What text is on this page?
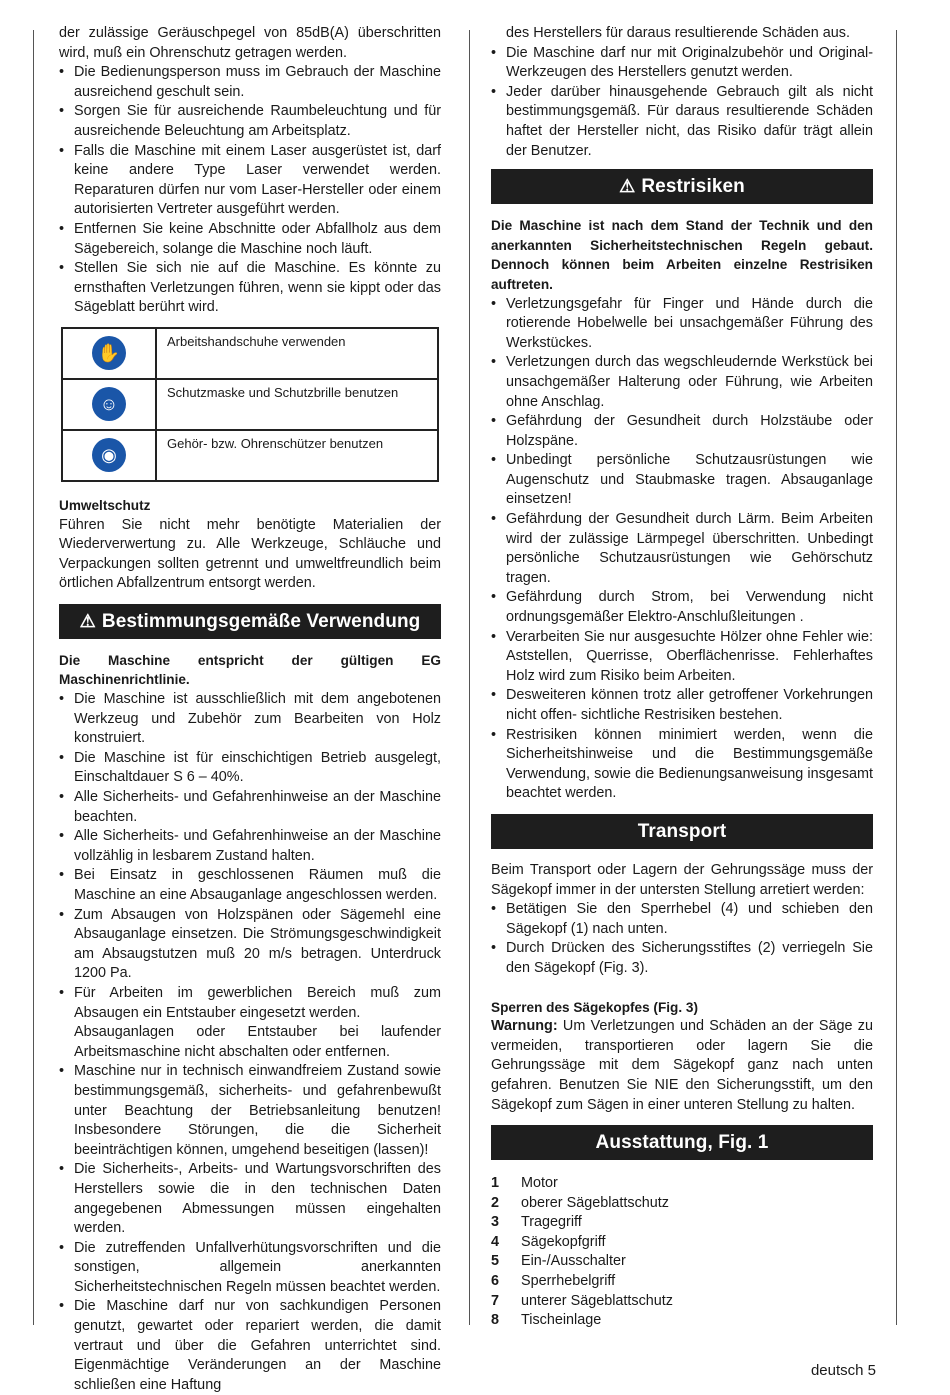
der zulässige Geräuschpegel von 85dB(A) überschritten wird, muß ein Ohrenschutz getragen werden.

• Die Bedienungsperson muss im Gebrauch der Maschine ausreichend geschult sein.
• Sorgen Sie für ausreichende Raumbeleuchtung und für ausreichende Beleuchtung am Arbeitsplatz.
• Falls die Maschine mit einem Laser ausgerüstet ist, darf keine andere Type Laser verwendet werden. Reparaturen dürfen nur vom Laser-Hersteller oder einem autorisierten Vertreter ausgeführt werden.
• Entfernen Sie keine Abschnitte oder Abfallholz aus dem Sägebereich, solange die Maschine noch läuft.
• Stellen Sie sich nie auf die Maschine. Es könnte zu ernsthaften Verletzungen führen, wenn sie kippt oder das Sägeblatt berührt wird.
✋	Arbeitshandschuhe verwenden
☺	Schutzmaske und Schutzbrille benutzen
◉	Gehör- bzw. Ohrenschützer benutzen

Umweltschutz

Führen Sie nicht mehr benötigte Materialien der Wiederverwertung zu. Alle Werkzeuge, Schläuche und Verpackungen sollten getrennt und umweltfreundlich beim örtlichen Abfallzentrum entsorgt werden.

⚠ Bestimmungsgemäße Verwendung

Die Maschine entspricht der gültigen EG Maschinenrichtlinie.

• Die Maschine ist ausschließlich mit dem angebotenen Werkzeug und Zubehör zum Bearbeiten von Holz konstruiert.
• Die Maschine ist für einschichtigen Betrieb ausgelegt, Einschaltdauer S 6 – 40%.
• Alle Sicherheits- und Gefahrenhinweise an der Maschine beachten.
• Alle Sicherheits- und Gefahrenhinweise an der Maschine vollzählig in lesbarem Zustand halten.
• Bei Einsatz in geschlossenen Räumen muß die Maschine an eine Absauganlage angeschlossen werden.
• Zum Absaugen von Holzspänen oder Sägemehl eine Absauganlage einsetzen. Die Strömungsgeschwindigkeit am Absaugstutzen muß 20 m/s betragen. Unterdruck 1200 Pa.
• Für Arbeiten im gewerblichen Bereich muß zum Absaugen ein Entstauber eingesetzt werden.
Absauganlagen oder Entstauber bei laufender Arbeitsmaschine nicht abschalten oder entfernen.
• Maschine nur in technisch einwandfreiem Zustand sowie bestimmungsgemäß, sicherheits- und gefahrenbewußt unter Beachtung der Betriebsanleitung benutzen! Insbesondere Störungen, die die Sicherheit beeinträchtigen können, umgehend beseitigen (lassen)!
• Die Sicherheits-, Arbeits- und Wartungsvorschriften des Herstellers sowie die in den technischen Daten angegebenen Abmessungen müssen eingehalten werden.
• Die zutreffenden Unfallverhütungsvorschriften und die sonstigen, allgemein anerkannten Sicherheitstechnischen Regeln müssen beachtet werden.
• Die Maschine darf nur von sachkundigen Personen genutzt, gewartet oder repariert werden, die damit vertraut und über die Gefahren unterrichtet sind. Eigenmächtige Veränderungen an der Maschine schließen eine Haftung

des Herstellers für daraus resultierende Schäden aus.

• Die Maschine darf nur mit Originalzubehör und Original-Werkzeugen des Herstellers genutzt werden.
• Jeder darüber hinausgehende Gebrauch gilt als nicht bestimmungsgemäß. Für daraus resultierende Schäden haftet der Hersteller nicht, das Risiko dafür trägt allein der Benutzer.
⚠ Restrisiken

Die Maschine ist nach dem Stand der Technik und den anerkannten Sicherheitstechnischen Regeln gebaut. Dennoch können beim Arbeiten einzelne Restrisiken auftreten.

• Verletzungsgefahr für Finger und Hände durch die rotierende Hobelwelle bei unsachgemäßer Führung des Werkstückes.
• Verletzungen durch das wegschleudernde Werkstück bei unsachgemäßer Halterung oder Führung, wie Arbeiten ohne Anschlag.
• Gefährdung der Gesundheit durch Holzstäube oder Holzspäne.
• Unbedingt persönliche Schutzausrüstungen wie Augenschutz und Staubmaske tragen. Absauganlage einsetzen!
• Gefährdung der Gesundheit durch Lärm. Beim Arbeiten wird der zulässige Lärmpegel überschritten. Unbedingt persönliche Schutzausrüstungen wie Gehörschutz tragen.
• Gefährdung durch Strom, bei Verwendung nicht ordnungsgemäßer Elektro-Anschlußleitungen .
• Verarbeiten Sie nur ausgesuchte Hölzer ohne Fehler wie: Aststellen, Querrisse, Oberflächenrisse. Fehlerhaftes Holz wird zum Risiko beim Arbeiten.
• Desweiteren können trotz aller getroffener Vorkehrungen nicht offen- sichtliche Restrisiken bestehen.
• Restrisiken können minimiert werden, wenn die Sicherheitshinweise und die Bestimmungsgemäße Verwendung, sowie die Bedienungsanweisung insgesamt beachtet werden.
Transport

Beim Transport oder Lagern der Gehrungssäge muss der Sägekopf immer in der untersten Stellung arretiert werden:

• Betätigen Sie den Sperrhebel (4) und schieben den Sägekopf (1) nach unten.
• Durch Drücken des Sicherungsstiftes (2) verriegeln Sie den Sägekopf (Fig. 3).

Sperren des Sägekopfes (Fig. 3)

Warnung: Um Verletzungen und Schäden an der Säge zu vermeiden, transportieren oder lagern Sie die Gehrungssäge mit dem Sägekopf ganz nach unten gefahren. Benutzen Sie NIE den Sicherungsstift, um den Sägekopf zum Sägen in einer unteren Stellung zu halten.

Ausstattung, Fig. 1
1	Motor
2	oberer Sägeblattschutz
3	Tragegriff
4	Sägekopfgriff
5	Ein-/Ausschalter
6	Sperrhebelgriff
7	unterer Sägeblattschutz
8	Tischeinlage
deutsch 5
